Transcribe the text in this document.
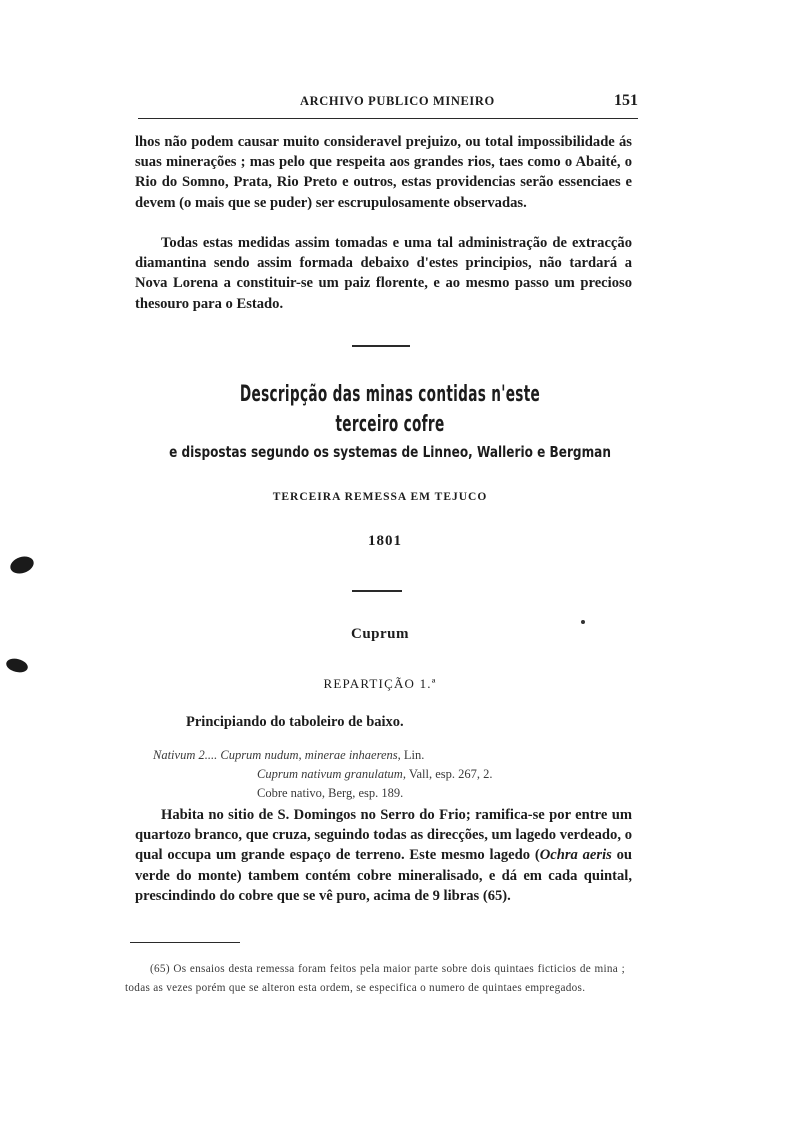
ARCHIVO PUBLICO MINEIRO	151

lhos não podem causar muito consideravel prejuizo, ou total impossibilidade ás suas minerações ; mas pelo que respeita aos grandes rios, taes como o Abaité, o Rio do Somno, Prata, Rio Preto e outros, estas providencias serão essenciaes e devem (o mais que se puder) ser escrupulosamente observadas.

Todas estas medidas assim tomadas e uma tal administração de extracção diamantina sendo assim formada debaixo d'estes principios, não tardará a Nova Lorena a constituir-se um paiz florente, e ao mesmo passo um precioso thesouro para o Estado.

Descripção das minas contidas n'este terceiro cofre
e dispostas segundo os systemas de Linneo, Wallerio e Bergman
TERCEIRA REMESSA EM TEJUCO
1801
Cuprum
REPARTIÇÃO 1.ª
Principiando do taboleiro de baixo.
Nativum 2.... Cuprum nudum, minerae inhaerens, Lin.
Cuprum nativum granulatum, Vall, esp. 267, 2.
Cobre nativo, Berg, esp. 189.

Habita no sitio de S. Domingos no Serro do Frio; ramifica-se por entre um quartozo branco, que cruza, seguindo todas as direcções, um lagedo verdeado, o qual occupa um grande espaço de terreno. Este mesmo lagedo (Ochra aeris ou verde do monte) tambem contém cobre mineralisado, e dá em cada quintal, prescindindo do cobre que se vê puro, acima de 9 libras (65).

(65) Os ensaios desta remessa foram feitos pela maior parte sobre dois quintaes ficticios de mina ; todas as vezes porém que se alteron esta ordem, se especifica o numero de quintaes empregados.
